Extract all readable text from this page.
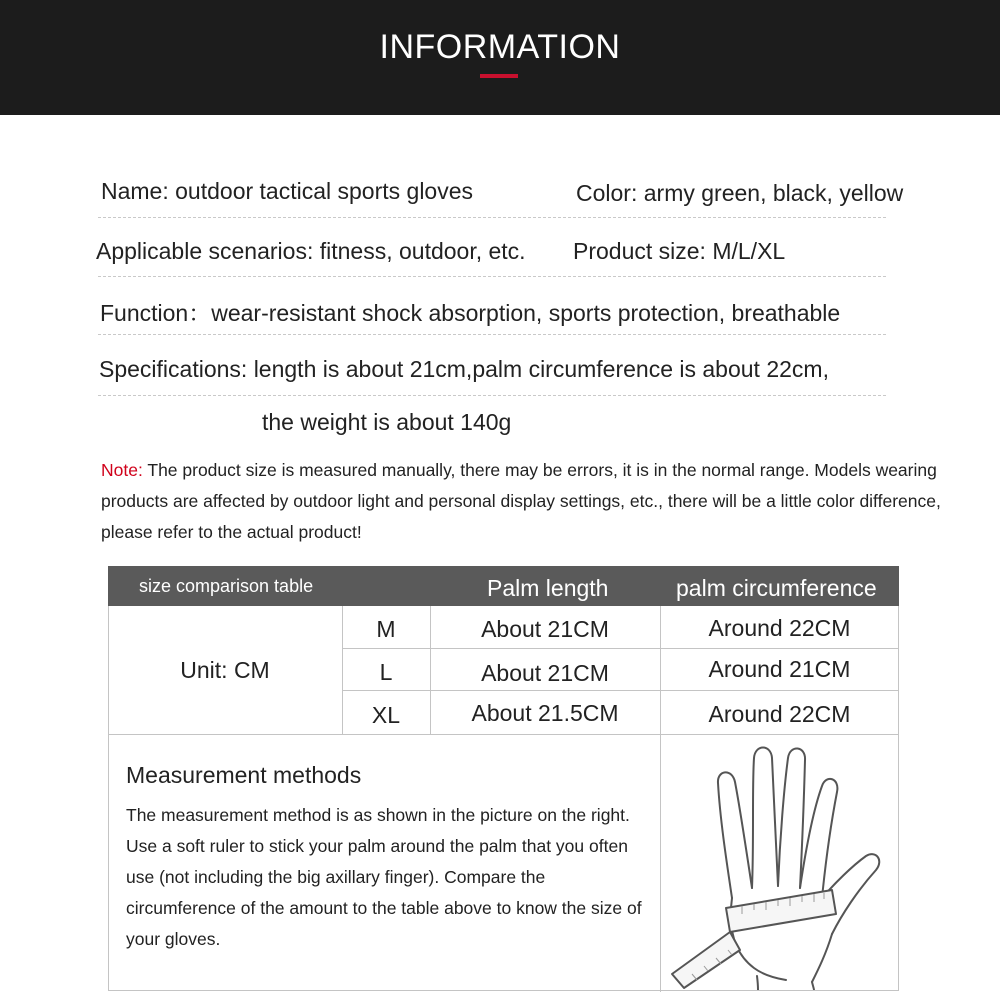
INFORMATION
Name: outdoor tactical sports gloves	Color: army green, black, yellow
Applicable scenarios: fitness, outdoor, etc. Product size: M/L/XL
Function：wear-resistant shock absorption, sports protection, breathable
Specifications: length is about 21cm,palm circumference is about 22cm,
the weight is about 140g
Note: The product size is measured manually, there may be errors, it is in the normal range. Models wearing products are affected by outdoor light and personal display settings, etc., there will be a little color difference, please refer to the actual product!
size comparison table	Palm length	palm circumference
Unit: CM
M	About 21CM	Around 22CM
L	About 21CM	Around 21CM
XL	About 21.5CM	Around 22CM
Measurement methods
The measurement method is as shown in the picture on the right. Use a soft ruler to stick your palm around the palm that you often use (not including the big axillary finger). Compare the circumference of the amount to the table above to know the size of your gloves.
